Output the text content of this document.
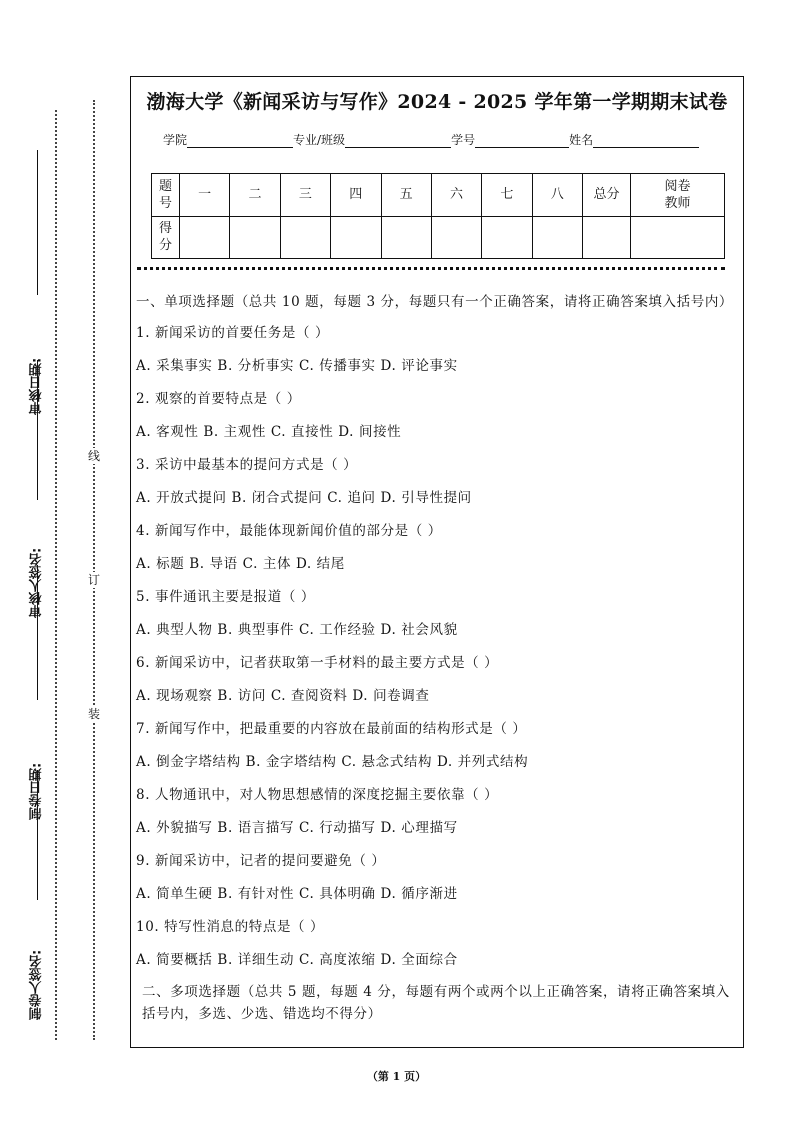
审核日期:
审核人签名:
制卷日期:
制卷人签名:
线
订
装
渤海大学《新闻采访与写作》2024 - 2025 学年第一学期期末试卷
学院	专业/班级	学号	姓名
题号	一	二	三	四	五	六	七	八	总分	阅卷教师
得分										
一、单项选择题（总共 10 题，每题 3 分，每题只有一个正确答案，请将正确答案填入括号内）
1. 新闻采访的首要任务是（ ）
A. 采集事实 B. 分析事实 C. 传播事实 D. 评论事实
2. 观察的首要特点是（ ）
A. 客观性 B. 主观性 C. 直接性 D. 间接性
3. 采访中最基本的提问方式是（ ）
A. 开放式提问 B. 闭合式提问 C. 追问 D. 引导性提问
4. 新闻写作中，最能体现新闻价值的部分是（ ）
A. 标题 B. 导语 C. 主体 D. 结尾
5. 事件通讯主要是报道（ ）
A. 典型人物 B. 典型事件 C. 工作经验 D. 社会风貌
6. 新闻采访中，记者获取第一手材料的最主要方式是（ ）
A. 现场观察 B. 访问 C. 查阅资料 D. 问卷调查
7. 新闻写作中，把最重要的内容放在最前面的结构形式是（ ）
A. 倒金字塔结构 B. 金字塔结构 C. 悬念式结构 D. 并列式结构
8. 人物通讯中，对人物思想感情的深度挖掘主要依靠（ ）
A. 外貌描写 B. 语言描写 C. 行动描写 D. 心理描写
9. 新闻采访中，记者的提问要避免（ ）
A. 简单生硬 B. 有针对性 C. 具体明确 D. 循序渐进
10. 特写性消息的特点是（ ）
A. 简要概括 B. 详细生动 C. 高度浓缩 D. 全面综合
二、多项选择题（总共 5 题，每题 4 分，每题有两个或两个以上正确答案，请将正确答案填入括号内，多选、少选、错选均不得分）
（第 1 页）
